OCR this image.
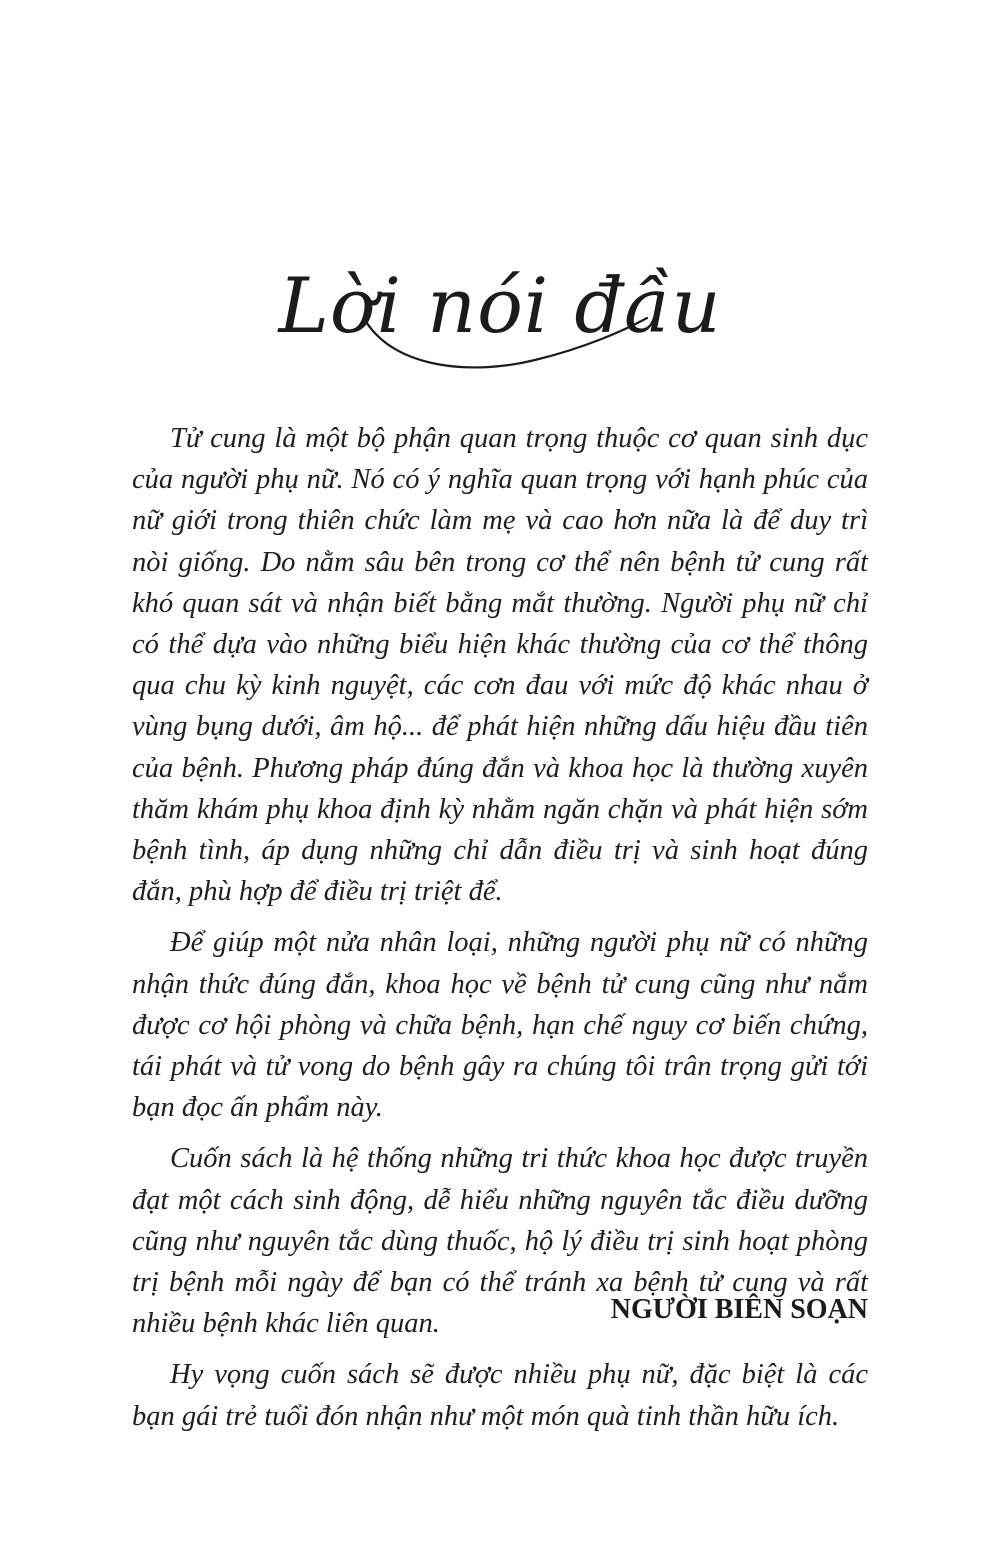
Lời nói đầu

Tử cung là một bộ phận quan trọng thuộc cơ quan sinh dục của người phụ nữ. Nó có ý nghĩa quan trọng với hạnh phúc của nữ giới trong thiên chức làm mẹ và cao hơn nữa là để duy trì nòi giống. Do nằm sâu bên trong cơ thể nên bệnh tử cung rất khó quan sát và nhận biết bằng mắt thường. Người phụ nữ chỉ có thể dựa vào những biểu hiện khác thường của cơ thể thông qua chu kỳ kinh nguyệt, các cơn đau với mức độ khác nhau ở vùng bụng dưới, âm hộ... để phát hiện những dấu hiệu đầu tiên của bệnh. Phương pháp đúng đắn và khoa học là thường xuyên thăm khám phụ khoa định kỳ nhằm ngăn chặn và phát hiện sớm bệnh tình, áp dụng những chỉ dẫn điều trị và sinh hoạt đúng đắn, phù hợp để điều trị triệt để.

Để giúp một nửa nhân loại, những người phụ nữ có những nhận thức đúng đắn, khoa học về bệnh tử cung cũng như nắm được cơ hội phòng và chữa bệnh, hạn chế nguy cơ biến chứng, tái phát và tử vong do bệnh gây ra chúng tôi trân trọng gửi tới bạn đọc ấn phẩm này.

Cuốn sách là hệ thống những tri thức khoa học được truyền đạt một cách sinh động, dễ hiểu những nguyên tắc điều dưỡng cũng như nguyên tắc dùng thuốc, hộ lý điều trị sinh hoạt phòng trị bệnh mỗi ngày để bạn có thể tránh xa bệnh tử cung và rất nhiều bệnh khác liên quan.

Hy vọng cuốn sách sẽ được nhiều phụ nữ, đặc biệt là các bạn gái trẻ tuổi đón nhận như một món quà tinh thần hữu ích.

NGƯỜI BIÊN SOẠN
